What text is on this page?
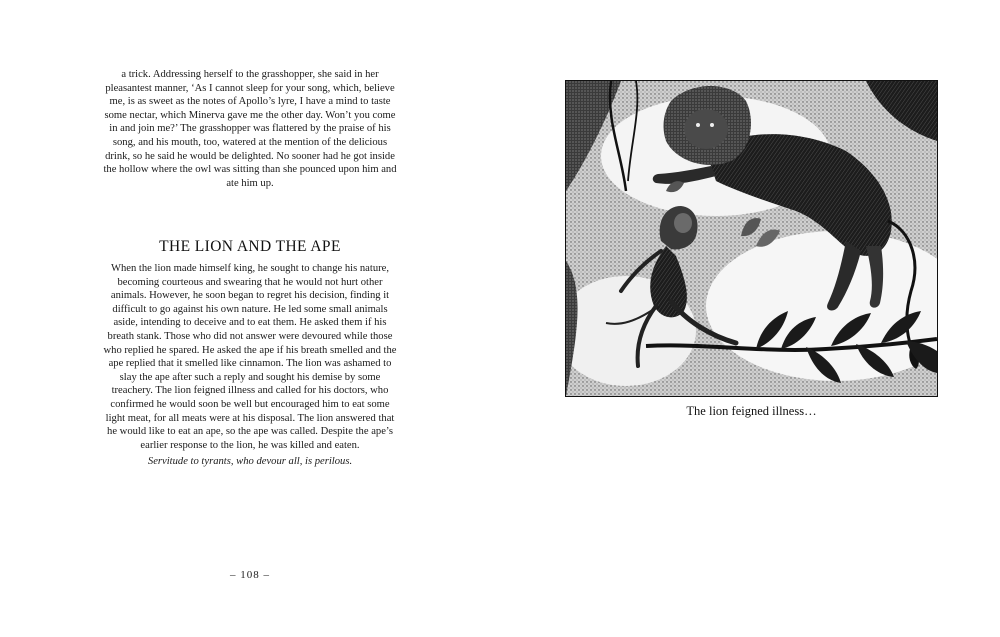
a trick. Addressing herself to the grasshopper, she said in her pleasantest manner, ‘As I cannot sleep for your song, which, believe me, is as sweet as the notes of Apollo’s lyre, I have a mind to taste some nectar, which Minerva gave me the other day. Won’t you come in and join me?’ The grasshopper was flattered by the praise of his song, and his mouth, too, watered at the mention of the delicious drink, so he said he would be delighted. No sooner had he got inside the hollow where the owl was sitting than she pounced upon him and ate him up.

THE LION AND THE APE

When the lion made himself king, he sought to change his nature, becoming courteous and swearing that he would not hurt other animals. However, he soon began to regret his decision, finding it difficult to go against his own nature. He led some small animals aside, intending to deceive and to eat them. He asked them if his breath stank. Those who did not answer were devoured while those who replied he spared. He asked the ape if his breath smelled and the ape replied that it smelled like cinnamon. The lion was ashamed to slay the ape after such a reply and sought his demise by some treachery. The lion feigned illness and called for his doctors, who confirmed he would soon be well but encouraged him to eat some light meat, for all meats were at his disposal. The lion answered that he would like to eat an ape, so the ape was called. Despite the ape’s earlier response to the lion, he was killed and eaten.

Servitude to tyrants, who devour all, is perilous.

– 108 –
The lion feigned illness…
